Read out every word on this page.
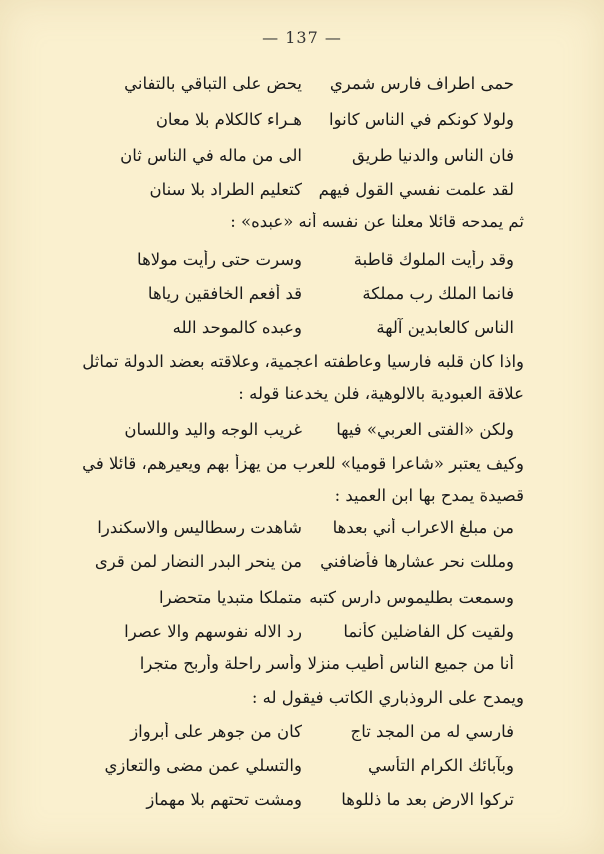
— 137 —
حمى اطراف فارس شمري
يحض على التباقي بالتفاني
ولولا كونكم في الناس كانوا
هـراء كالكلام بلا معان
فان الناس والدنيا طريق
الى من ماله في الناس ثان
لقد علمت نفسي القول فيهم
كتعليم الطراد بلا سنان
ثم يمدحه قائلا معلنا عن نفسه أنه «عبده» :
وقد رأيت الملوك قاطبة
وسرت حتى رأيت مولاها
فانما الملك رب مملكة
قد أفعم الخافقين رياها
الناس كالعابدين آلهة
وعبده كالموحد الله
واذا كان قلبه فارسيا وعاطفته اعجمية، وعلاقته بعضد الدولة تماثل
علاقة العبودية بالالوهية، فلن يخدعنا قوله :
ولكن «الفتى العربي» فيها
غريب الوجه واليد واللسان
وكيف يعتبر «شاعرا قوميا» للعرب من يهزأ بهم ويعيرهم، قائلا في
قصيدة يمدح بها ابن العميد :
من مبلغ الاعراب أني بعدها
شاهدت رسطاليس والاسكندرا
ومللت نحر عشارها فأضافني
من ينحر البدر النضار لمن قرى
وسمعت بطليموس دارس كتبه
متملكا متبديا متحضرا
ولقيت كل الفاضلين كأنما
رد الاله نفوسهم والا عصرا
أنا من جميع الناس أطيب منزلا
وأسر راحلة وأربح متجرا
ويمدح على الروذباري الكاتب فيقول له :
فارسي له من المجد تاج
كان من جوهر على أبرواز
وبآبائك الكرام التأسي
والتسلي عمن مضى والتعازي
تركوا الارض بعد ما ذللوها
ومشت تحتهم بلا مهماز
